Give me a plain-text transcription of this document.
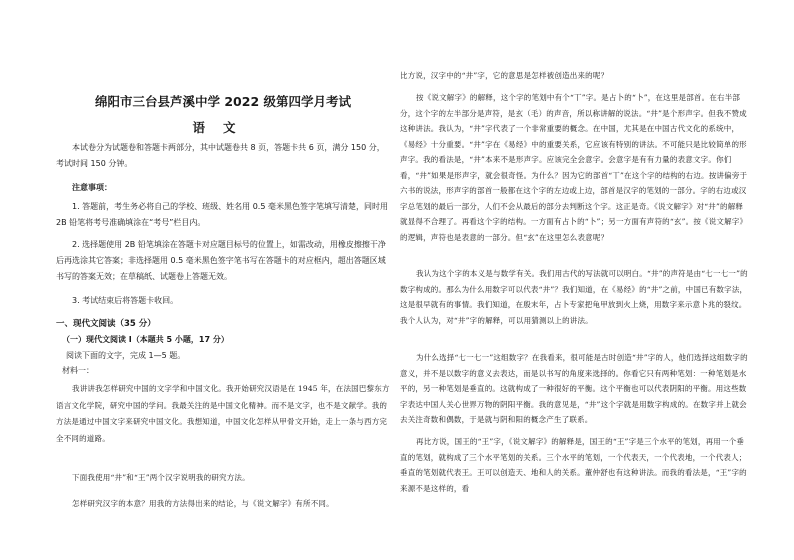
绵阳市三台县芦溪中学 2022 级第四学月考试
语文
本试卷分为试题卷和答题卡两部分，其中试题卷共 8 页，答题卡共 6 页，满分 150 分，考试时间 150 分钟。
注意事项：
1. 答题前，考生务必将自己的学校、班级、姓名用 0.5 毫米黑色签字笔填写清楚，同时用 2B 铅笔将考号准确填涂在“考号”栏目内。
2. 选择题使用 2B 铅笔填涂在答题卡对应题目标号的位置上，如需改动，用橡皮擦擦干净后再选涂其它答案；非选择题用 0.5 毫米黑色签字笔书写在答题卡的对应框内，超出答题区域书写的答案无效；在草稿纸、试题卷上答题无效。
3. 考试结束后将答题卡收回。
一、现代文阅读（35 分）
（一）现代文阅读 I（本题共 5 小题，17 分）
阅读下面的文字，完成 1—5 题。
材料一：
我讲讲我怎样研究中国的文字学和中国文化。我开始研究汉语是在 1945 年，在法国巴黎东方语言文化学院，研究中国的学问。我最关注的是中国文化精神。而不是文字，也不是文献学。我的方法是通过中国文字来研究中国文化。我想知道，中国文化怎样从甲骨文开始，走上一条与西方完全不同的道路。
下面我使用“井”和“王”两个汉字说明我的研究方法。
怎样研究汉字的本意？用我的方法得出来的结论，与《说文解字》有所不同。
比方说，汉字中的“井”字，它的意思是怎样被创造出来的呢？
按《说文解字》的解释，这个字的笔划中有个“丅”字。是占卜的“卜”，在这里是部首。在右半部分，这个字的左半部分是声符，是玄（毛）的声音，所以称讲解的说法。“井”是个形声字。但我不赞成这种讲法。我认为，“井”字代表了一个非常重要的概念。在中国，尤其是在中国古代文化的系统中，《易经》十分重要。“井”字在《易经》中的重要关系，它应该有特别的讲法。不可能只是比较简单的形声字。我的看法是，“井”本来不是形声字。应该完全会意字。会意字是有有力量的表意文字。你们看，“井”如果是形声字，就会很奇怪。为什么？因为它的部首“丅”在这个字的结构的右边。按讲偏旁于六书的说法，形声字的部首一般都在这个字的左边或上边，部首是汉字的笔划的一部分。字的右边或汉字总笔划的最后一部分，人们不会从最后的部分去判断这个字。这正是奇。《说文解字》对“井”的解释就显得不合理了。再看这个字的结构。一方面有占卜的“卜”；另一方面有声符的“玄”。按《说文解字》的逻辑，声符也是表意的一部分。但“玄”在这里怎么表意呢？
我认为这个字的本义是与数学有关。我们用古代的写法就可以明白。“井”的声符是由“七一七一”的数字构成的。那么为什么用数字可以代表“井”？我们知道，在《易经》的“井”之前，中国已有数字法，这是很早就有的事情。我们知道，在殷末年，占卜专家把龟甲放到火上烧，用数字来示意卜兆的裂纹。我个人认为，对“井”字的解释，可以用猜测以上的讲法。
为什么选择“七一七一”这组数字？在我看来，很可能是古时创造“井”字的人，他们选择这组数字的意义，并不是以数字的意义去表达，而是以书写的角度来选择的。你看它只有两种笔划：一种笔划是水平的，另一种笔划是垂直的。这就构成了一种很好的平衡。这个平衡也可以代表阴阳的平衡。用这些数字表达中国人关心世界万物的阴阳平衡。我的意见是，“井”这个字就是用数字构成的。在数字并上就会去关注奇数和偶数，于是就与阴和阳的概念产生了联系。
再比方说，国王的“王”字，《说文解字》的解释是，国王的“王”字是三个水平的笔划，再用一个垂直的笔划，就构成了三个水平笔划的关系。三个水平的笔划，一个代表天，一个代表地，一个代表人；垂直的笔划就代表王。王可以创造天、地和人的关系。董仲舒也有这种讲法。而我的看法是，“王”字的来源不是这样的，看
